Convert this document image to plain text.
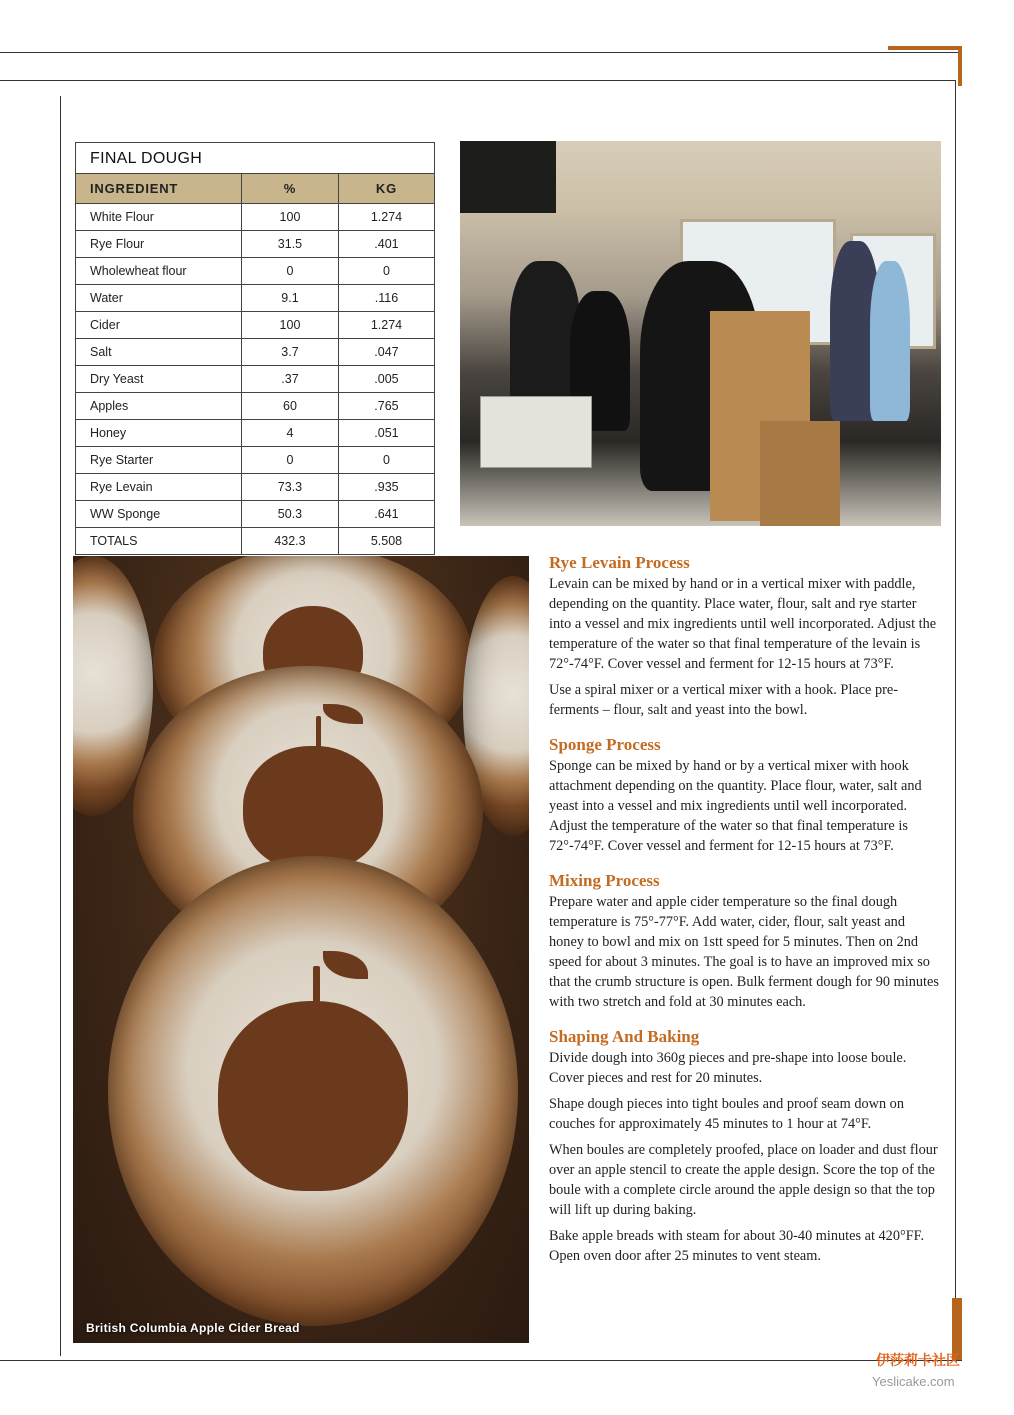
FINAL DOUGH
INGREDIENT	%	KG
White Flour	100	1.274
Rye Flour	31.5	.401
Wholewheat flour	0	0
Water	9.1	.116
Cider	100	1.274
Salt	3.7	.047
Dry Yeast	.37	.005
Apples	60	.765
Honey	4	.051
Rye Starter	0	0
Rye Levain	73.3	.935
WW Sponge	50.3	.641
TOTALS	432.3	5.508
British Columbia Apple Cider Bread
Rye Levain Process

Levain can be mixed by hand or in a vertical mixer with paddle, depending on the quantity. Place water, flour, salt and rye starter into a vessel and mix ingredients until well incorporated. Adjust the temperature of the water so that final temperature of the levain is 72°-74°F. Cover vessel and ferment for 12-15 hours at 73°F.

Use a spiral mixer or a vertical mixer with a hook. Place pre-ferments – flour, salt and yeast into the bowl.

Sponge Process

Sponge can be mixed by hand or by a vertical mixer with hook attachment depending on the quantity. Place flour, water, salt and yeast into a vessel and mix ingredients until well incorporated. Adjust the temperature of the water so that final temperature is 72°-74°F. Cover vessel and ferment for 12-15 hours at 73°F.

Mixing Process

Prepare water and apple cider temperature so the final dough temperature is 75°-77°F. Add water, cider, flour, salt yeast and honey to bowl and mix on 1stt speed for 5 minutes. Then on 2nd speed for about 3 minutes. The goal is to have an improved mix so that the crumb structure is open. Bulk ferment dough for 90 minutes with two stretch and fold at 30 minutes each.

Shaping And Baking

Divide dough into 360g pieces and pre-shape into loose boule. Cover pieces and rest for 20 minutes.

Shape dough pieces into tight boules and proof seam down on couches for approximately 45 minutes to 1 hour at 74°F.

When boules are completely proofed, place on loader and dust flour over an apple stencil to create the apple design. Score the top of the boule with a complete circle around the apple design so that the top will lift up during baking.

Bake apple breads with steam for about 30-40 minutes at 420°FF. Open oven door after 25 minutes to vent steam.

伊莎莉卡社区
Yeslicake.com
